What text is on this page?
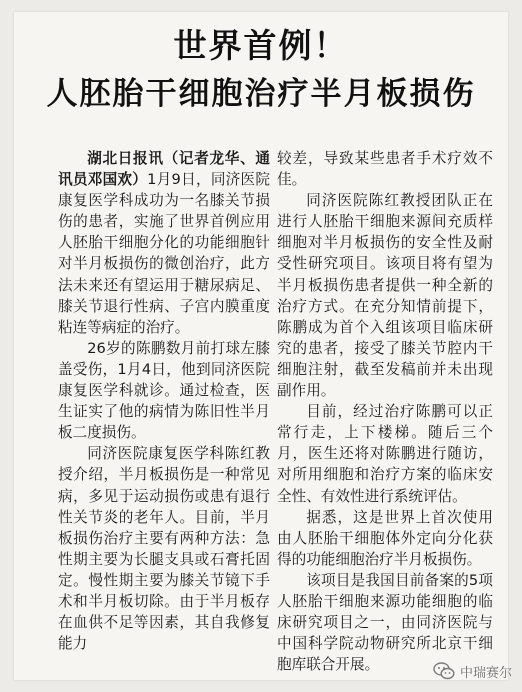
世界首例！
人胚胎干细胞治疗半月板损伤

湖北日报讯（记者龙华、通讯员邓国欢）1月9日，同济医院康复医学科成功为一名膝关节损伤的患者，实施了世界首例应用人胚胎干细胞分化的功能细胞针对半月板损伤的微创治疗，此方法未来还有望运用于糖尿病足、膝关节退行性病、子宫内膜重度粘连等病症的治疗。

26岁的陈鹏数月前打球左膝盖受伤，1月4日，他到同济医院康复医学科就诊。通过检查，医生证实了他的病情为陈旧性半月板二度损伤。

同济医院康复医学科陈红教授介绍，半月板损伤是一种常见病，多见于运动损伤或患有退行性关节炎的老年人。目前，半月板损伤治疗主要有两种方法：急性期主要为长腿支具或石膏托固定。慢性期主要为膝关节镜下手术和半月板切除。由于半月板存在血供不足等因素，其自我修复能力

较差，导致某些患者手术疗效不佳。

同济医院陈红教授团队正在进行人胚胎干细胞来源间充质样细胞对半月板损伤的安全性及耐受性研究项目。该项目将有望为半月板损伤患者提供一种全新的治疗方式。在充分知情前提下，陈鹏成为首个入组该项目临床研究的患者，接受了膝关节腔内干细胞注射，截至发稿前并未出现副作用。

目前，经过治疗陈鹏可以正常行走，上下楼梯。随后三个月，医生还将对陈鹏进行随访，对所用细胞和治疗方案的临床安全性、有效性进行系统评估。

据悉，这是世界上首次使用由人胚胎干细胞体外定向分化获得的功能细胞治疗半月板损伤。

该项目是我国目前备案的5项人胚胎干细胞来源功能细胞的临床研究项目之一，由同济医院与中国科学院动物研究所北京干细胞库联合开展。	中瑞赛尔
